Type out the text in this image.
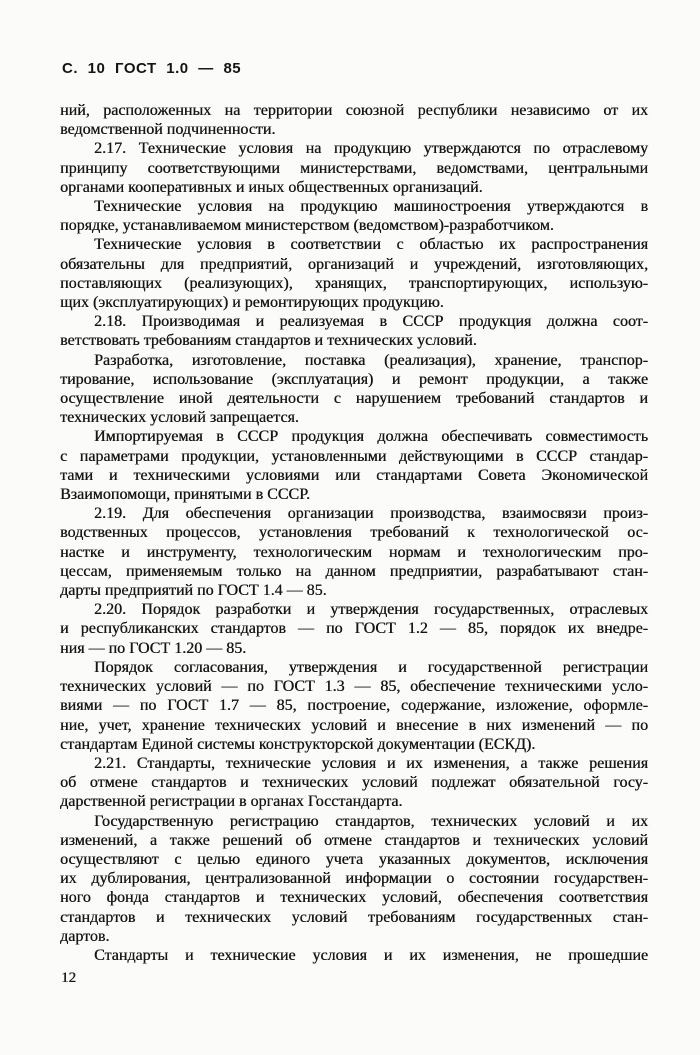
С. 10 ГОСТ 1.0 — 85
ний, расположенных на территории союзной республики независимо от их
ведомственной подчиненности.
2.17. Технические условия на продукцию утверждаются по отраслевому
принципу соответствующими министерствами, ведомствами, центральными
органами кооперативных и иных общественных организаций.
Технические условия на продукцию машиностроения утверждаются в
порядке, устанавливаемом министерством (ведомством)-разработчиком.
Технические условия в соответствии с областью их распространения
обязательны для предприятий, организаций и учреждений, изготовляющих,
поставляющих (реализующих), хранящих, транспортирующих, использую-
щих (эксплуатирующих) и ремонтирующих продукцию.
2.18. Производимая и реализуемая в СССР продукция должна соот-
ветствовать требованиям стандартов и технических условий.
Разработка, изготовление, поставка (реализация), хранение, транспор-
тирование, использование (эксплуатация) и ремонт продукции, а также
осуществление иной деятельности с нарушением требований стандартов и
технических условий запрещается.
Импортируемая в СССР продукция должна обеспечивать совместимость
с параметрами продукции, установленными действующими в СССР стандар-
тами и техническими условиями или стандартами Совета Экономической
Взаимопомощи, принятыми в СССР.
2.19. Для обеспечения организации производства, взаимосвязи произ-
водственных процессов, установления требований к технологической ос-
настке и инструменту, технологическим нормам и технологическим про-
цессам, применяемым только на данном предприятии, разрабатывают стан-
дарты предприятий по ГОСТ 1.4 — 85.
2.20. Порядок разработки и утверждения государственных, отраслевых
и республиканских стандартов — по ГОСТ 1.2 — 85, порядок их внедре-
ния — по ГОСТ 1.20 — 85.
Порядок согласования, утверждения и государственной регистрации
технических условий — по ГОСТ 1.3 — 85, обеспечение техническими усло-
виями — по ГОСТ 1.7 — 85, построение, содержание, изложение, оформле-
ние, учет, хранение технических условий и внесение в них изменений — по
стандартам Единой системы конструкторской документации (ЕСКД).
2.21. Стандарты, технические условия и их изменения, а также решения
об отмене стандартов и технических условий подлежат обязательной госу-
дарственной регистрации в органах Госстандарта.
Государственную регистрацию стандартов, технических условий и их
изменений, а также решений об отмене стандартов и технических условий
осуществляют с целью единого учета указанных документов, исключения
их дублирования, централизованной информации о состоянии государствен-
ного фонда стандартов и технических условий, обеспечения соответствия
стандартов и технических условий требованиям государственных стан-
дартов.
Стандарты и технические условия и их изменения, не прошедшие
12
